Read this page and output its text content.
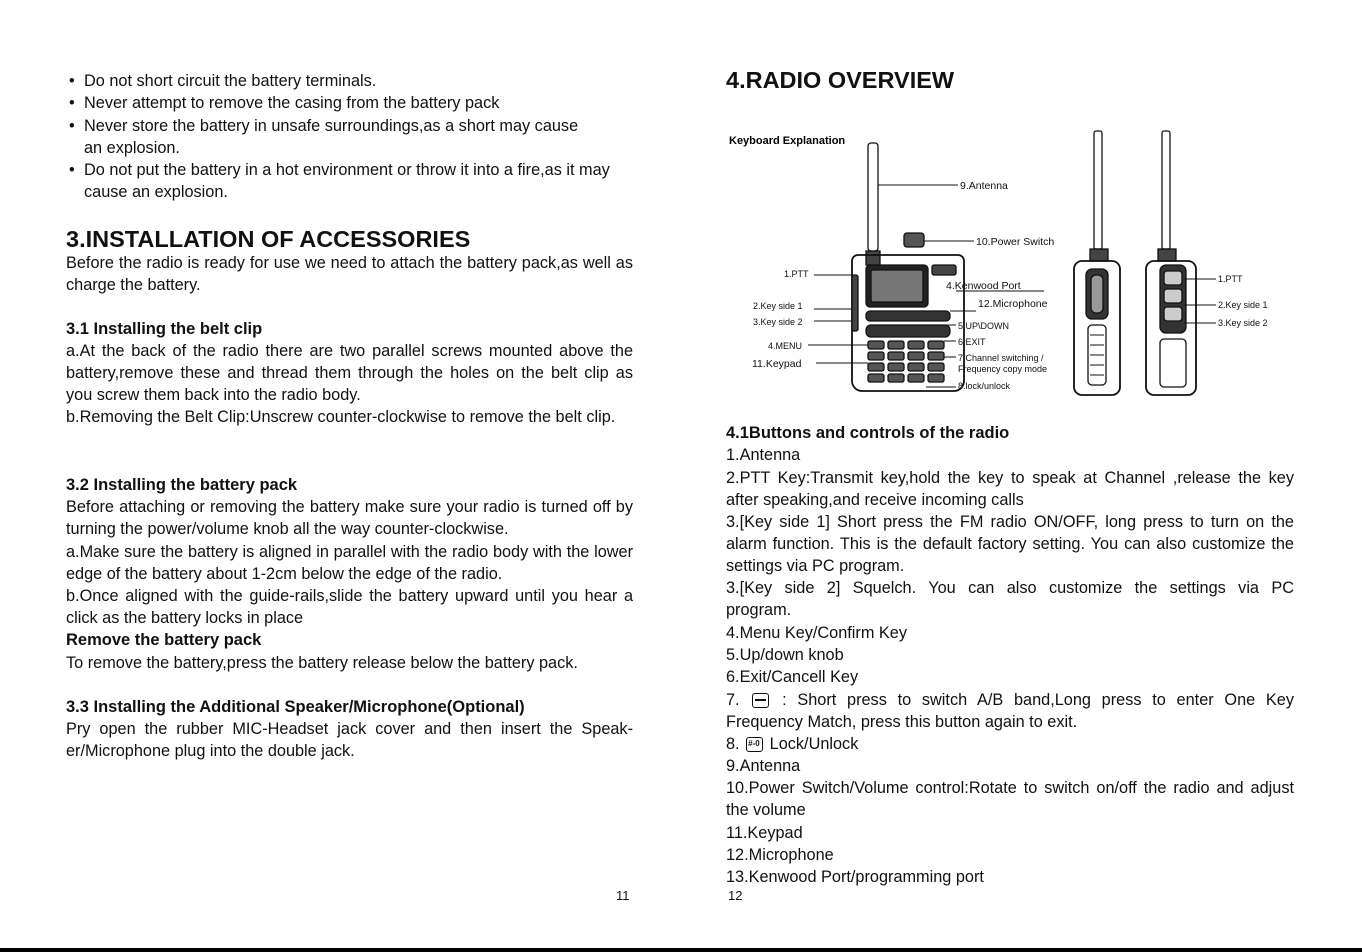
• Do not short circuit the battery terminals.
• Never attempt to remove the casing from the battery pack
• Never store the battery in unsafe surroundings,as a short may cause an explosion.
• Do not put the battery in a hot environment or throw it into a fire,as it may cause an explosion.
3.INSTALLATION OF ACCESSORIES

Before the radio is ready for use we need to attach the battery pack,as well as charge the battery.

3.1 Installing the belt clip

a.At the back of the radio there are two parallel screws mounted above the battery,remove these and thread them through the holes on the belt clip as you screw them back into the radio body.

b.Removing the Belt Clip:Unscrew counter-clockwise to remove the belt clip.

3.2 Installing the battery pack

Before attaching or removing the battery make sure your radio is turned off by turning the power/volume knob all the way counter-clockwise.

a.Make sure the battery is aligned in parallel with the radio body with the lower edge of the battery about 1-2cm below the edge of the radio.

b.Once aligned with the guide-rails,slide the battery upward until you hear a click as the battery locks in place

Remove the battery pack

To remove the battery,press the battery release below the battery pack.

3.3 Installing the Additional Speaker/Microphone(Optional)

Pry open the rubber MIC-Headset jack cover and then insert the Speak-er/Microphone plug into the double jack.

11
4.RADIO OVERVIEW
Keyboard Explanation
9.Antenna
10.Power Switch
4.Kenwood Port
12.Microphone
5.UP\DOWN
6.EXIT
7.Channel switching /
Frequency copy mode
8.lock/unlock
1.PTT
2.Key side 1
3.Key side 2
4.MENU
11.Keypad
1.PTT
2.Key side 1
3.Key side 2
4.1Buttons and controls of the radio

1.Antenna

2.PTT Key:Transmit key,hold the key to speak at Channel ,release the key after speaking,and receive incoming calls

3.[Key side 1] Short press the FM radio ON/OFF, long press to turn on the alarm function. This is the default factory setting. You can also customize the settings via PC program.

3.[Key side 2] Squelch. You can also customize the settings via PC program.

4.Menu Key/Confirm Key

5.Up/down knob

6.Exit/Cancell Key

7.	: Short press to switch A/B band,Long press to enter One Key Frequency Match, press this button again to exit.

8. #-0 Lock/Unlock

9.Antenna

10.Power Switch/Volume control:Rotate to switch on/off the radio and adjust the volume

11.Keypad

12.Microphone

13.Kenwood Port/programming port

12
